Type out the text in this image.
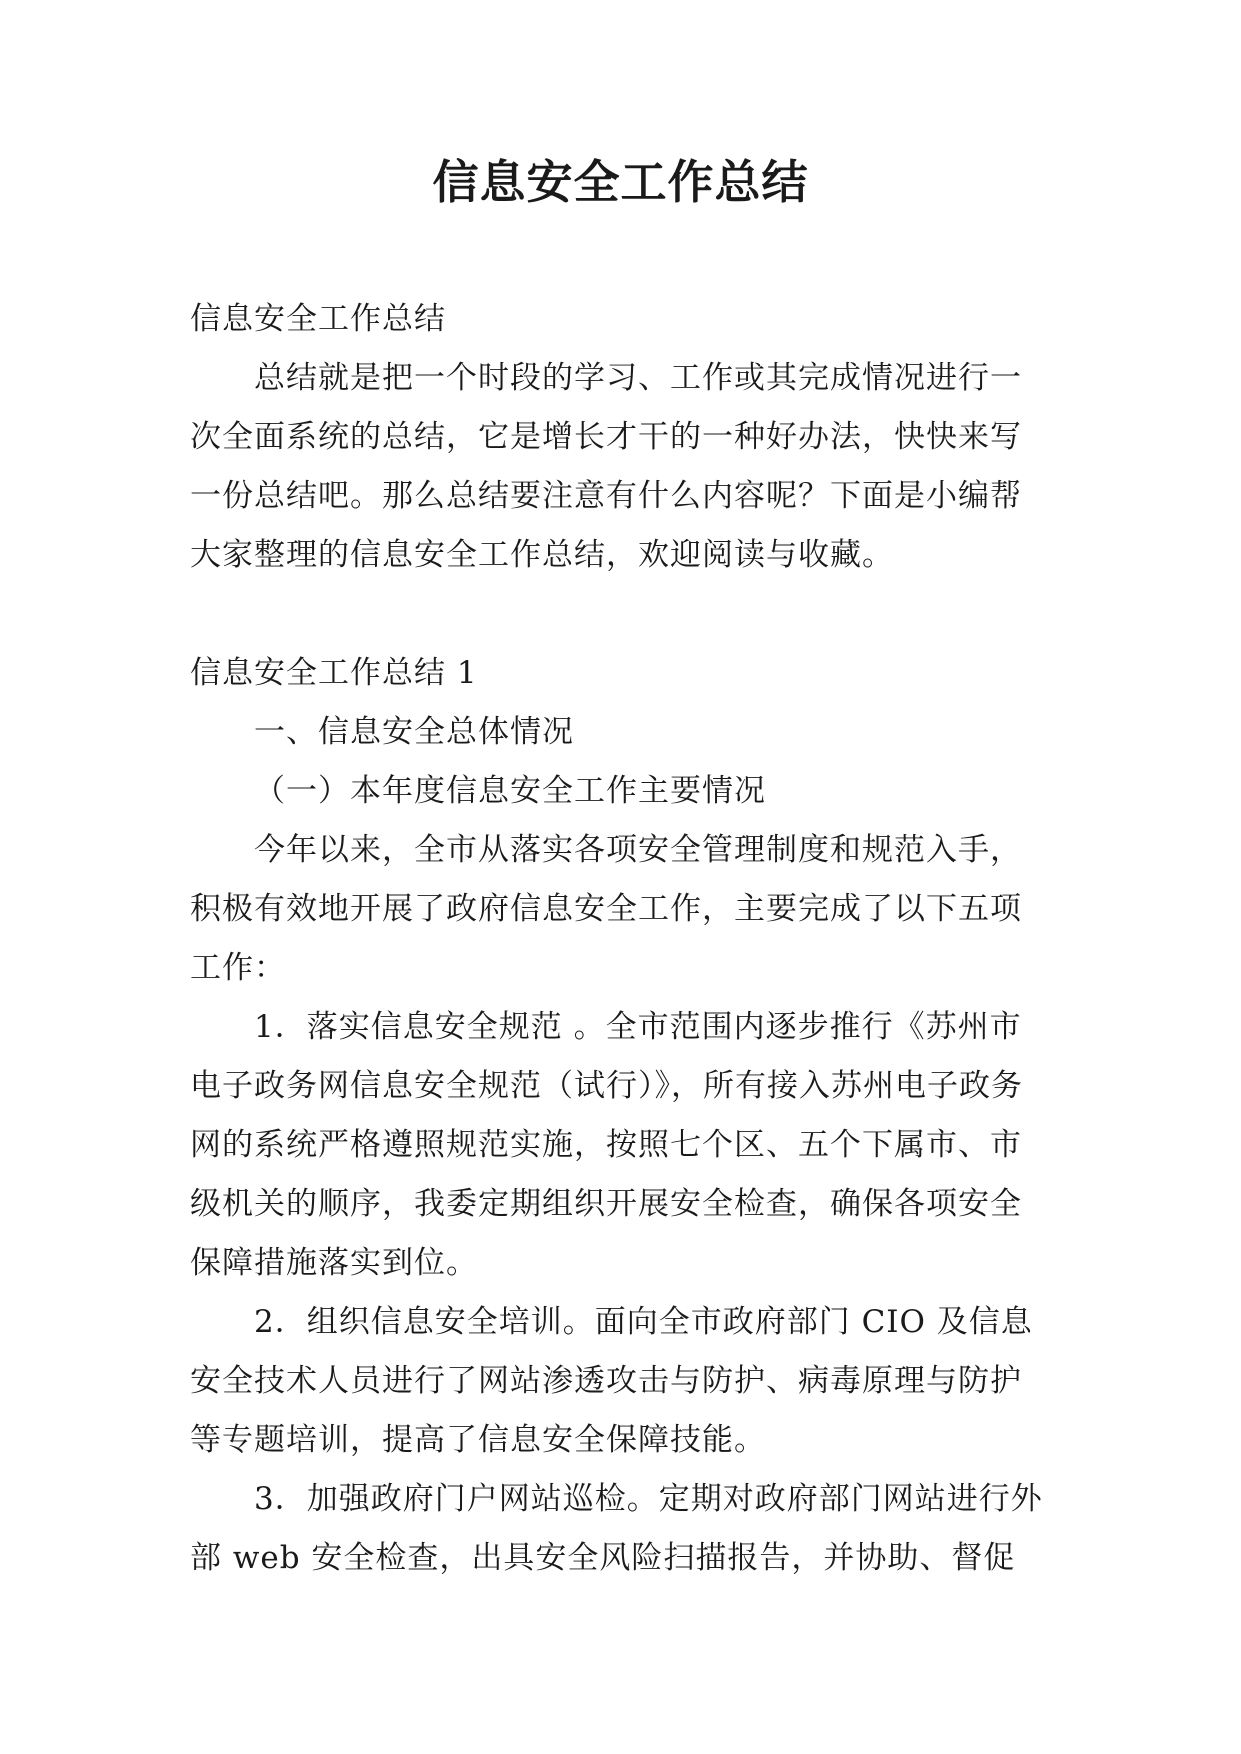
信息安全工作总结

信息安全工作总结

总结就是把一个时段的学习、工作或其完成情况进行一次全面系统的总结，它是增长才干的一种好办法，快快来写一份总结吧。那么总结要注意有什么内容呢？下面是小编帮大家整理的信息安全工作总结，欢迎阅读与收藏。

信息安全工作总结 1

一、信息安全总体情况

（一）本年度信息安全工作主要情况

今年以来，全市从落实各项安全管理制度和规范入手，积极有效地开展了政府信息安全工作，主要完成了以下五项工作：

1．落实信息安全规范 。全市范围内逐步推行《苏州市电子政务网信息安全规范（试行）》，所有接入苏州电子政务网的系统严格遵照规范实施，按照七个区、五个下属市、市级机关的顺序，我委定期组织开展安全检查，确保各项安全保障措施落实到位。

2．组织信息安全培训。面向全市政府部门 CIO 及信息安全技术人员进行了网站渗透攻击与防护、病毒原理与防护等专题培训，提高了信息安全保障技能。

3．加强政府门户网站巡检。定期对政府部门网站进行外部 web 安全检查，出具安全风险扫描报告，并协助、督促
